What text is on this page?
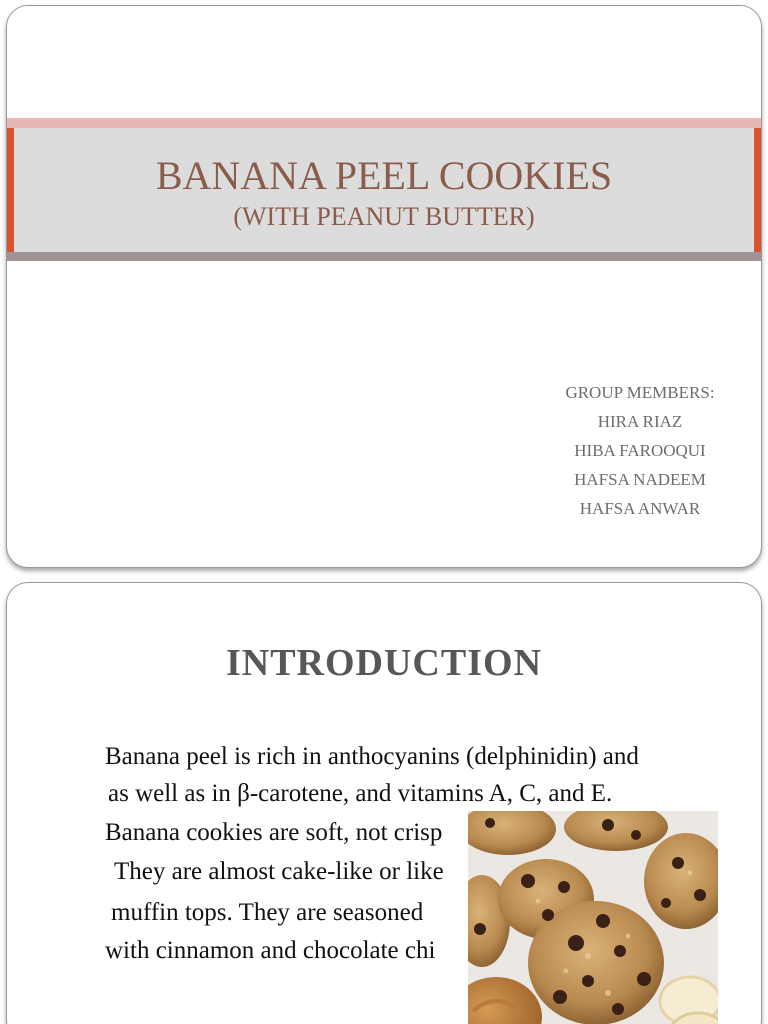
BANANA PEEL COOKIES
(WITH PEANUT BUTTER)
GROUP MEMBERS:
HIRA RIAZ
HIBA FAROOQUI
HAFSA NADEEM
HAFSA ANWAR
INTRODUCTION
Banana peel is rich in anthocyanins (delphinidin) and
as well as in β-carotene, and vitamins A, C, and E.
Banana cookies are soft, not crisp
They are almost cake-like or like
muffin tops. They are seasoned
with cinnamon and chocolate chi
